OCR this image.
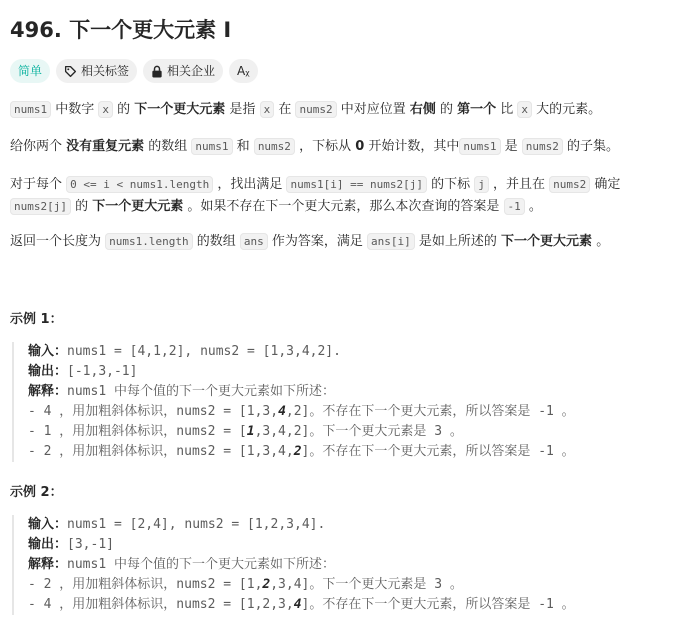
496. 下一个更大元素 I
简单	相关标签	相关企业 Aᵪ

nums1 中数字 x 的 下一个更大元素 是指 x 在 nums2 中对应位置 右侧 的 第一个 比 x 大的元素。

给你两个 没有重复元素 的数组 nums1 和 nums2 ，下标从 0 开始计数，其中 nums1 是 nums2 的子集。

对于每个 0 <= i < nums1.length ，找出满足 nums1[i] == nums2[j] 的下标 j ，并且在 nums2 确定

nums2[j] 的 下一个更大元素 。如果不存在下一个更大元素，那么本次查询的答案是 -1 。

返回一个长度为 nums1.length 的数组 ans 作为答案，满足 ans[i] 是如上所述的 下一个更大元素 。

示例 1：

输入：nums1 = [4,1,2], nums2 = [1,3,4,2].
输出：[-1,3,-1]
解释：nums1 中每个值的下一个更大元素如下所述：
- 4 ，用加粗斜体标识，nums2 = [1,3,4,2]。不存在下一个更大元素，所以答案是 -1 。
- 1 ，用加粗斜体标识，nums2 = [1,3,4,2]。下一个更大元素是 3 。
- 2 ，用加粗斜体标识，nums2 = [1,3,4,2]。不存在下一个更大元素，所以答案是 -1 。

示例 2：

输入：nums1 = [2,4], nums2 = [1,2,3,4].
输出：[3,-1]
解释：nums1 中每个值的下一个更大元素如下所述：
- 2 ，用加粗斜体标识，nums2 = [1,2,3,4]。下一个更大元素是 3 。
- 4 ，用加粗斜体标识，nums2 = [1,2,3,4]。不存在下一个更大元素，所以答案是 -1 。
